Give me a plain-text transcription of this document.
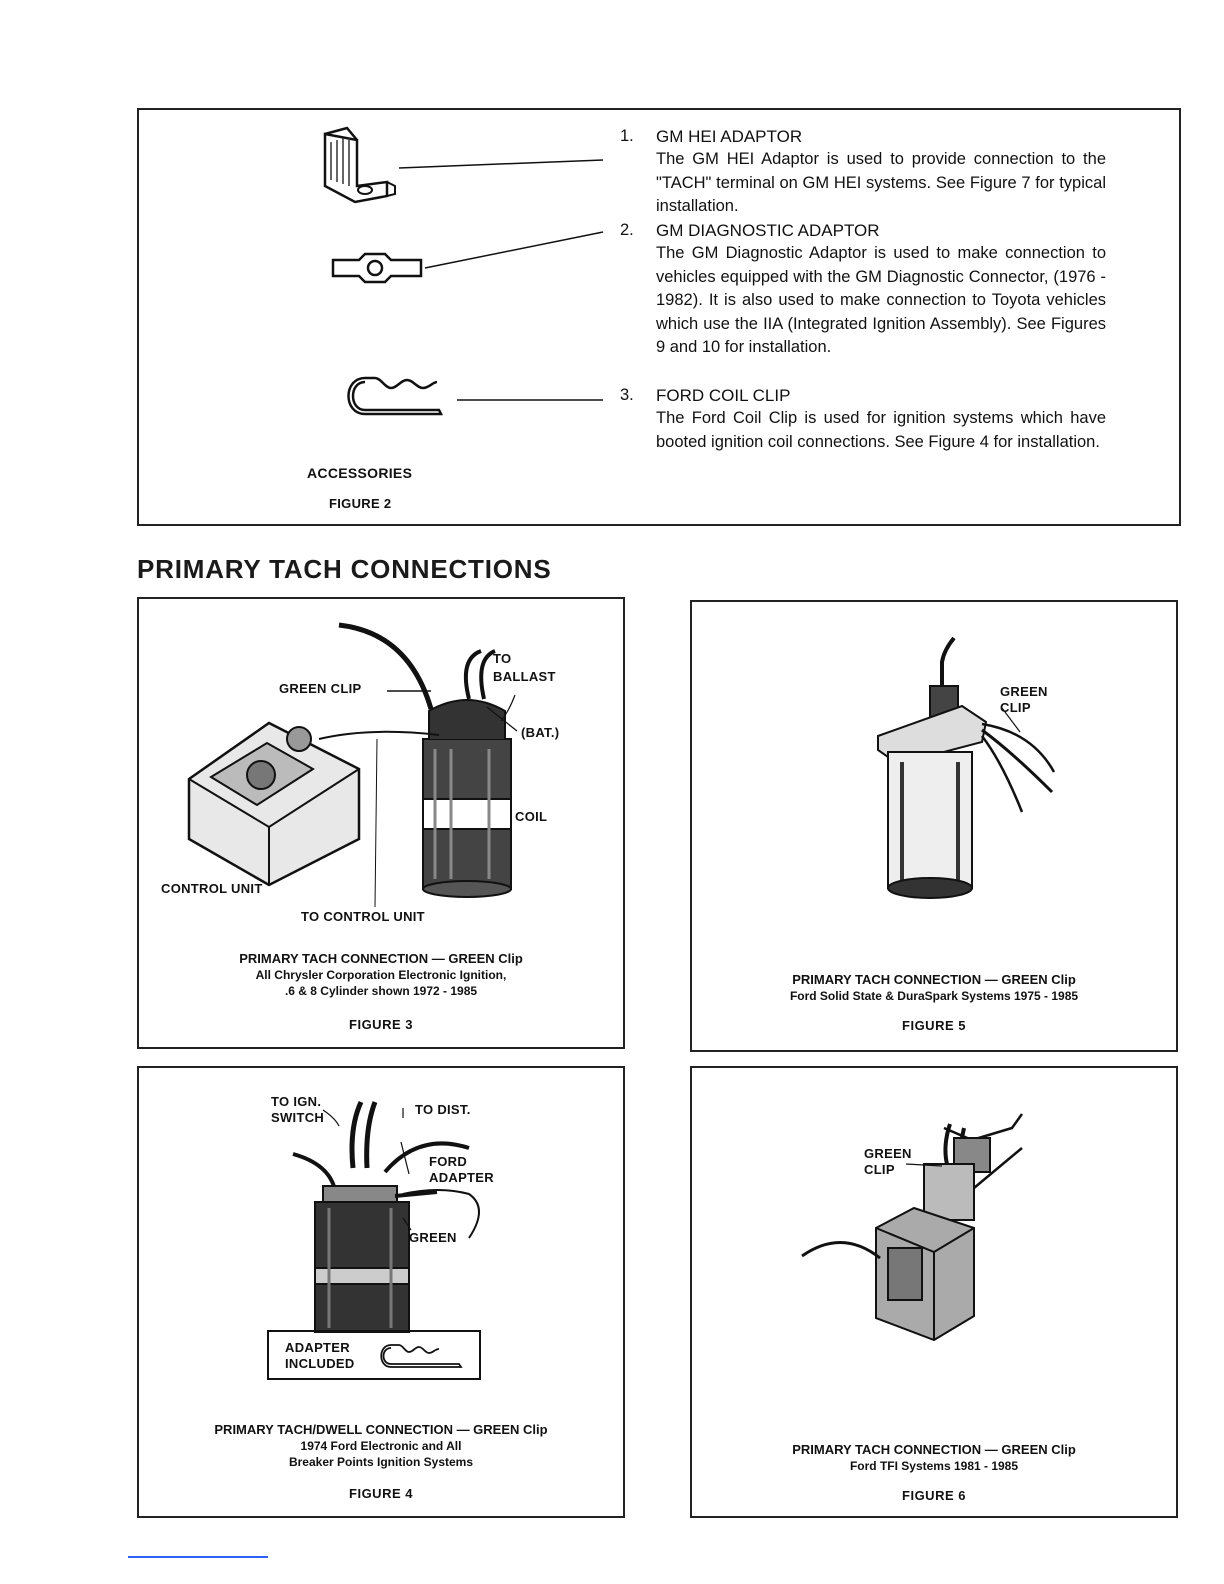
ACCESSORIES
FIGURE 2
1. GM HEI ADAPTOR
The GM HEI Adaptor is used to provide connection to the "TACH" terminal on GM HEI systems. See Figure 7 for typical installation.
2. GM DIAGNOSTIC ADAPTOR
The GM Diagnostic Adaptor is used to make connection to vehicles equipped with the GM Diagnostic Connector, (1976 - 1982). It is also used to make connection to Toyota vehicles which use the IIA (Integrated Ignition Assembly). See Figures 9 and 10 for installation.
3. FORD COIL CLIP
The Ford Coil Clip is used for ignition systems which have booted ignition coil connections. See Figure 4 for installation.
PRIMARY TACH CONNECTIONS
GREEN CLIP
TO
BALLAST
(BAT.)
COIL
CONTROL UNIT
TO CONTROL UNIT
PRIMARY TACH CONNECTION — GREEN Clip
All Chrysler Corporation Electronic Ignition,
.6 & 8 Cylinder shown 1972 - 1985
FIGURE 3
GREEN
CLIP
PRIMARY TACH CONNECTION — GREEN Clip
Ford Solid State & DuraSpark Systems 1975 - 1985
FIGURE 5
TO IGN.
SWITCH
TO DIST.
FORD
ADAPTER
GREEN
ADAPTER
INCLUDED
PRIMARY TACH/DWELL CONNECTION — GREEN Clip
1974 Ford Electronic and All
Breaker Points Ignition Systems
FIGURE 4
GREEN
CLIP
PRIMARY TACH CONNECTION — GREEN Clip
Ford TFI Systems 1981 - 1985
FIGURE 6
